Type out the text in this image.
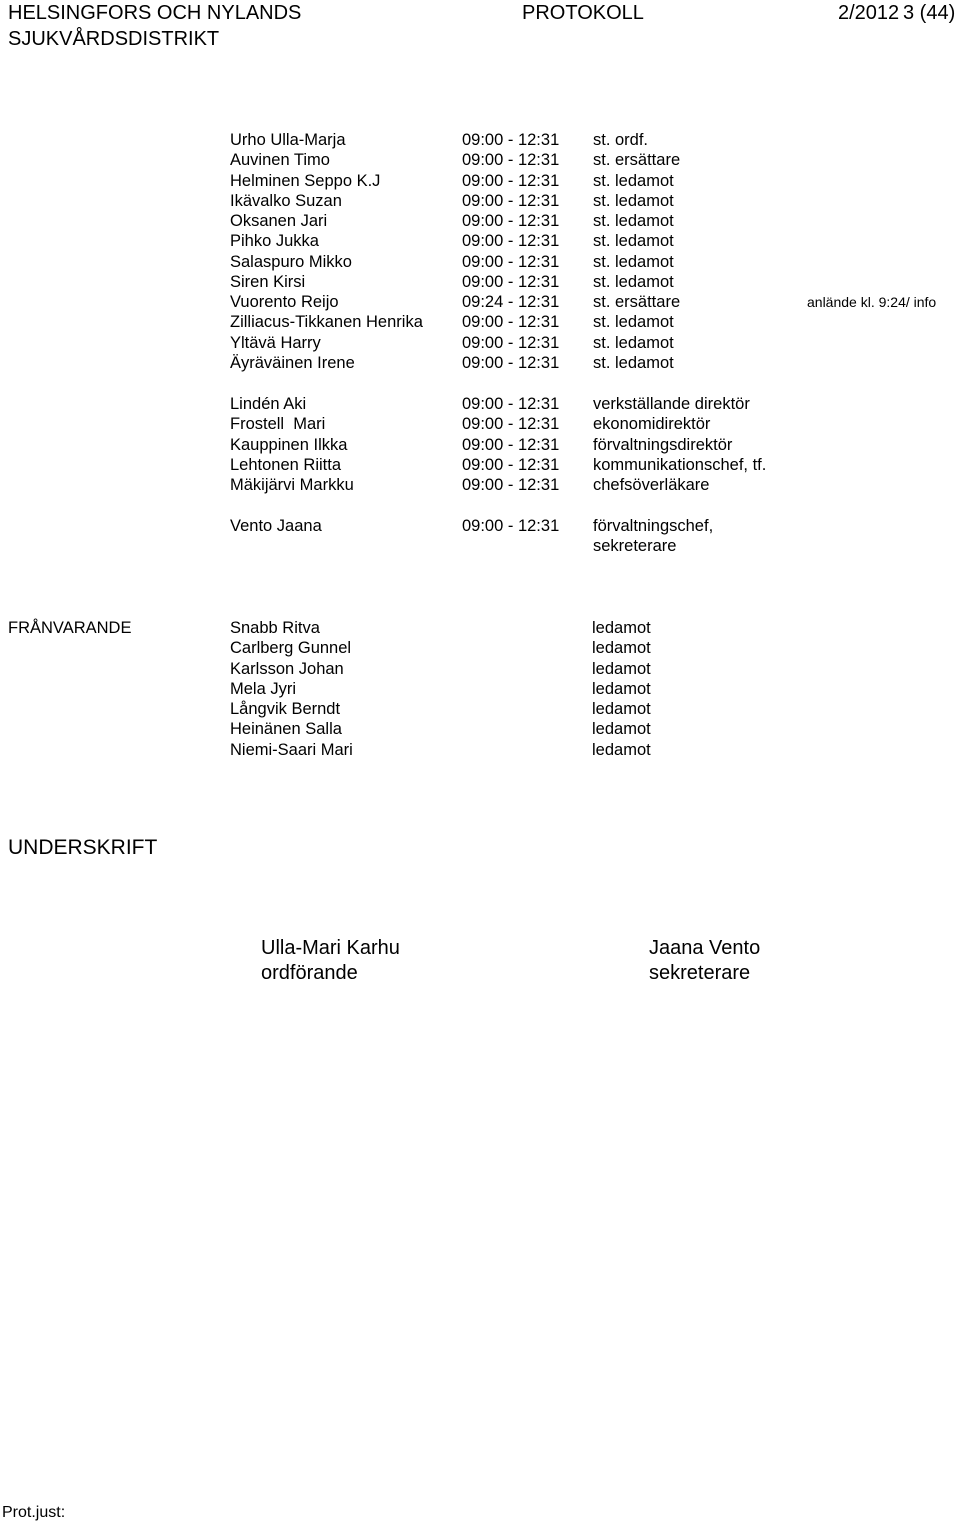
HELSINGFORS OCH NYLANDS
SJUKVÅRDSDISTRIKT
PROTOKOLL	2/2012 3 (44)
Urho Ulla-Marja	09:00 - 12:31 st. ordf.
Auvinen Timo	09:00 - 12:31 st. ersättare
Helminen Seppo K.J	09:00 - 12:31 st. ledamot
Ikävalko Suzan	09:00 - 12:31 st. ledamot
Oksanen Jari	09:00 - 12:31 st. ledamot
Pihko Jukka	09:00 - 12:31 st. ledamot
Salaspuro Mikko	09:00 - 12:31 st. ledamot
Siren Kirsi	09:00 - 12:31 st. ledamot
Vuorento Reijo	09:24 - 12:31 st. ersättare	anlände kl. 9:24/ info
Zilliacus-Tikkanen Henrika 09:00 - 12:31 st. ledamot
Yltävä Harry	09:00 - 12:31 st. ledamot
Äyräväinen Irene	09:00 - 12:31 st. ledamot
Lindén Aki	09:00 - 12:31 verkställande direktör
Frostell  Mari	09:00 - 12:31 ekonomidirektör
Kauppinen Ilkka	09:00 - 12:31 förvaltningsdirektör
Lehtonen Riitta	09:00 - 12:31 kommunikationschef, tf.
Mäkijärvi Markku	09:00 - 12:31 chefsöverläkare
Vento Jaana	09:00 - 12:31 förvaltningschef,
sekreterare
FRÅNVARANDE	Snabb Ritva	ledamot
Carlberg Gunnel	ledamot
Karlsson Johan	ledamot
Mela Jyri	ledamot
Långvik Berndt	ledamot
Heinänen Salla	ledamot
Niemi-Saari Mari	ledamot
UNDERSKRIFT
Ulla-Mari Karhu
ordförande
Jaana Vento
sekreterare
Prot.just:
